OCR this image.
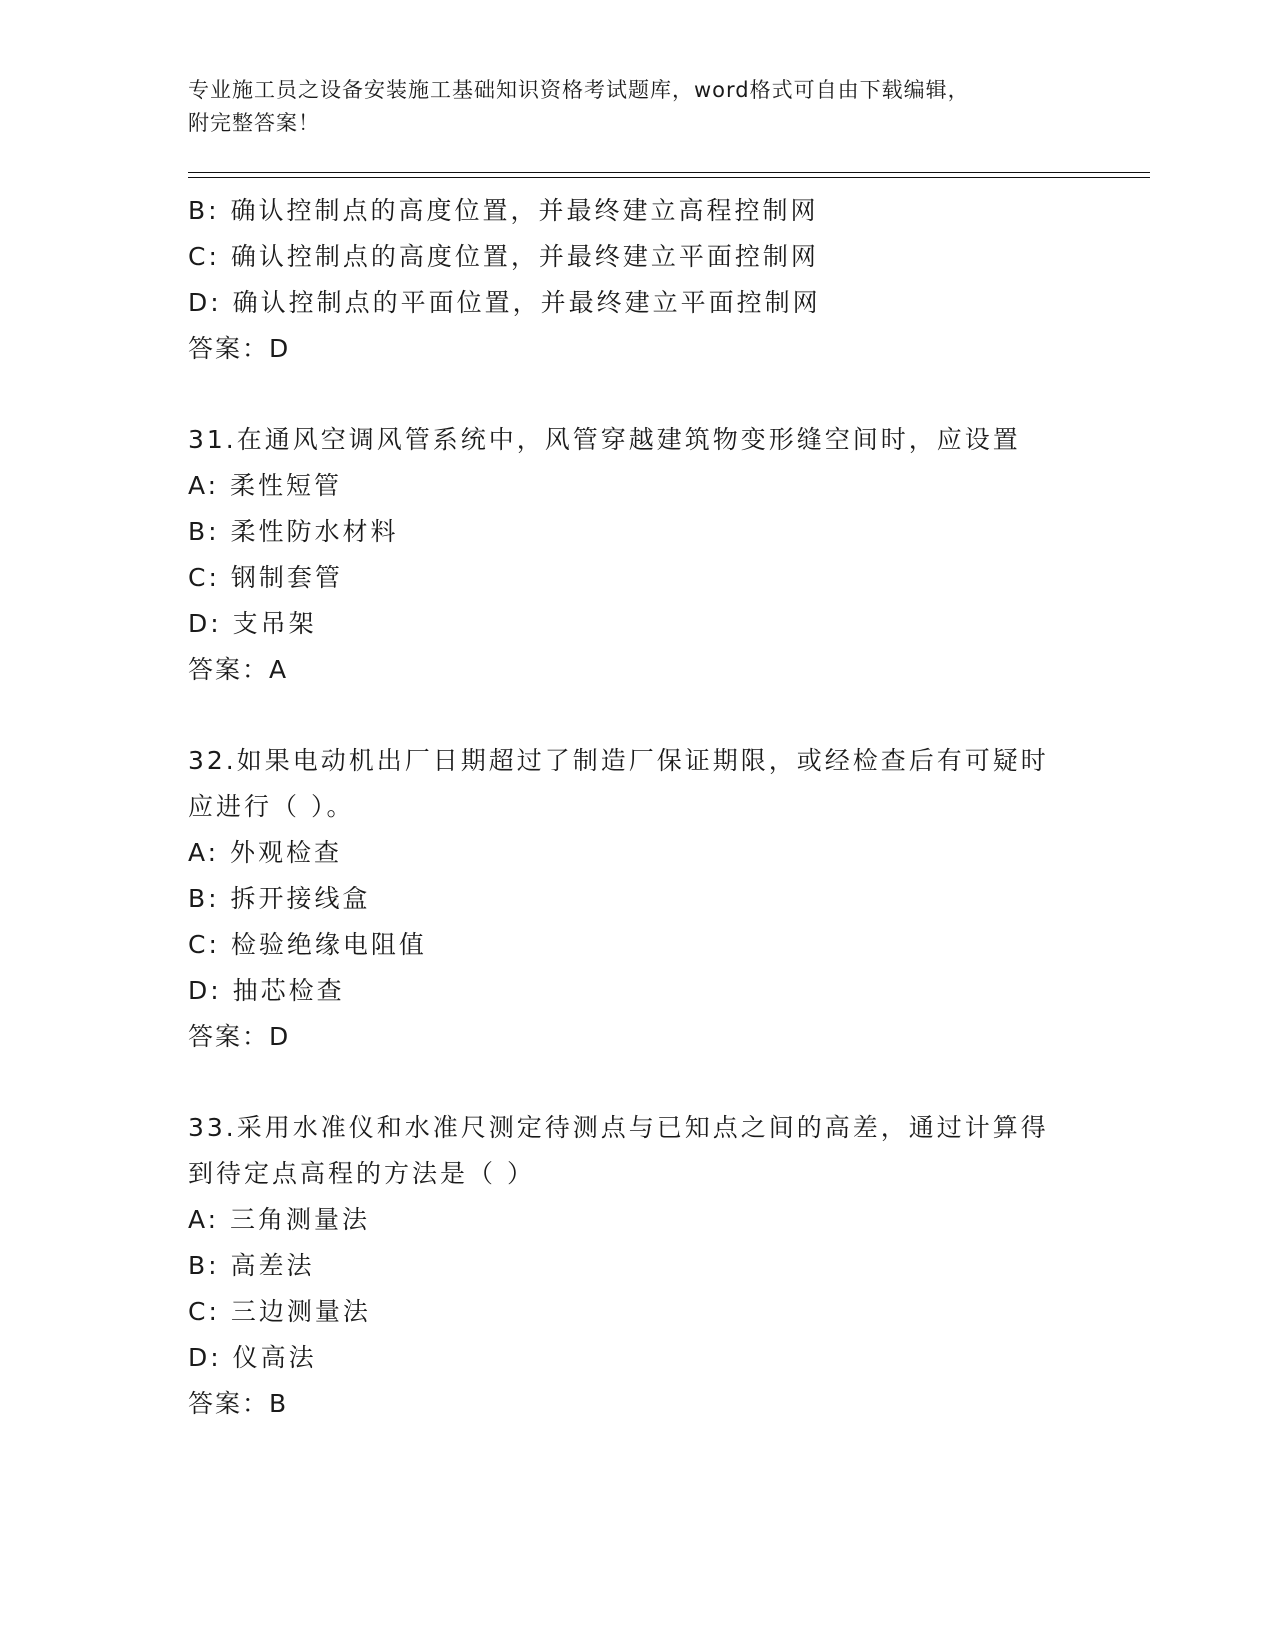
专业施工员之设备安装施工基础知识资格考试题库，word格式可自由下载编辑，
附完整答案！
B: 确认控制点的高度位置，并最终建立高程控制网
C: 确认控制点的高度位置，并最终建立平面控制网
D: 确认控制点的平面位置，并最终建立平面控制网
答案：D
31.在通风空调风管系统中，风管穿越建筑物变形缝空间时，应设置
A: 柔性短管
B: 柔性防水材料
C: 钢制套管
D: 支吊架
答案：A
32.如果电动机出厂日期超过了制造厂保证期限，或经检查后有可疑时
应进行（ ）。
A: 外观检查
B: 拆开接线盒
C: 检验绝缘电阻值
D: 抽芯检查
答案：D
33.采用水准仪和水准尺测定待测点与已知点之间的高差，通过计算得
到待定点高程的方法是（ ）
A: 三角测量法
B: 高差法
C: 三边测量法
D: 仪高法
答案：B
